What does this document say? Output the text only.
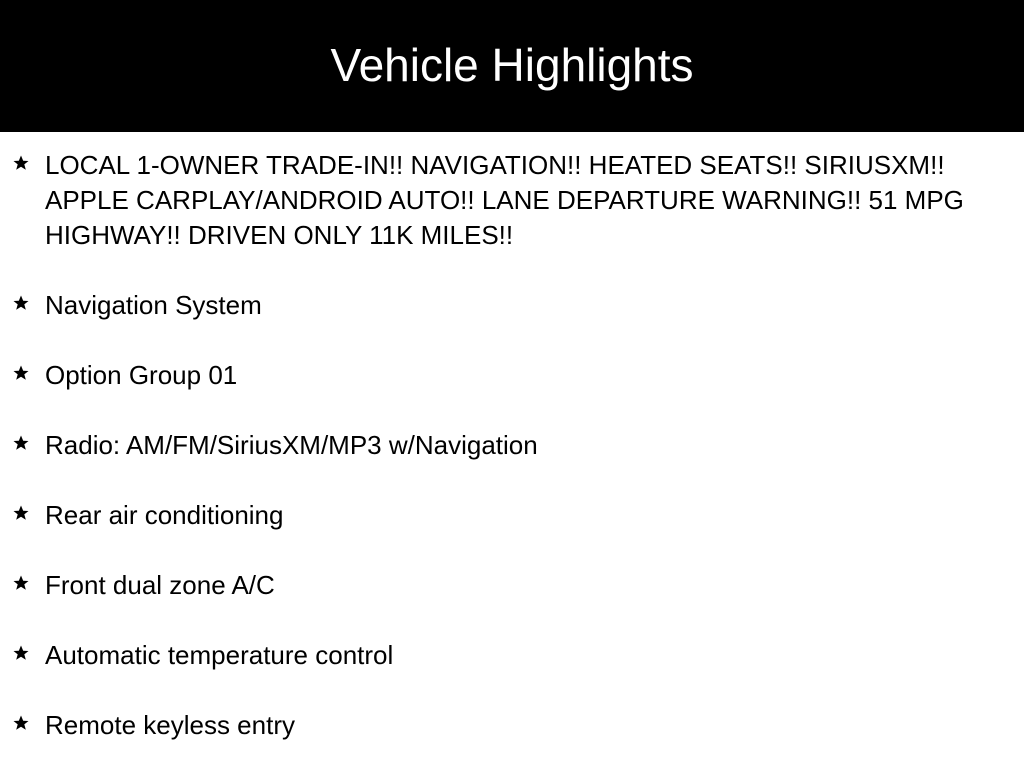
Vehicle Highlights
LOCAL 1-OWNER TRADE-IN!! NAVIGATION!! HEATED SEATS!! SIRIUSXM!! APPLE CARPLAY/ANDROID AUTO!! LANE DEPARTURE WARNING!! 51 MPG HIGHWAY!! DRIVEN ONLY 11K MILES!!
Navigation System
Option Group 01
Radio: AM/FM/SiriusXM/MP3 w/Navigation
Rear air conditioning
Front dual zone A/C
Automatic temperature control
Remote keyless entry
